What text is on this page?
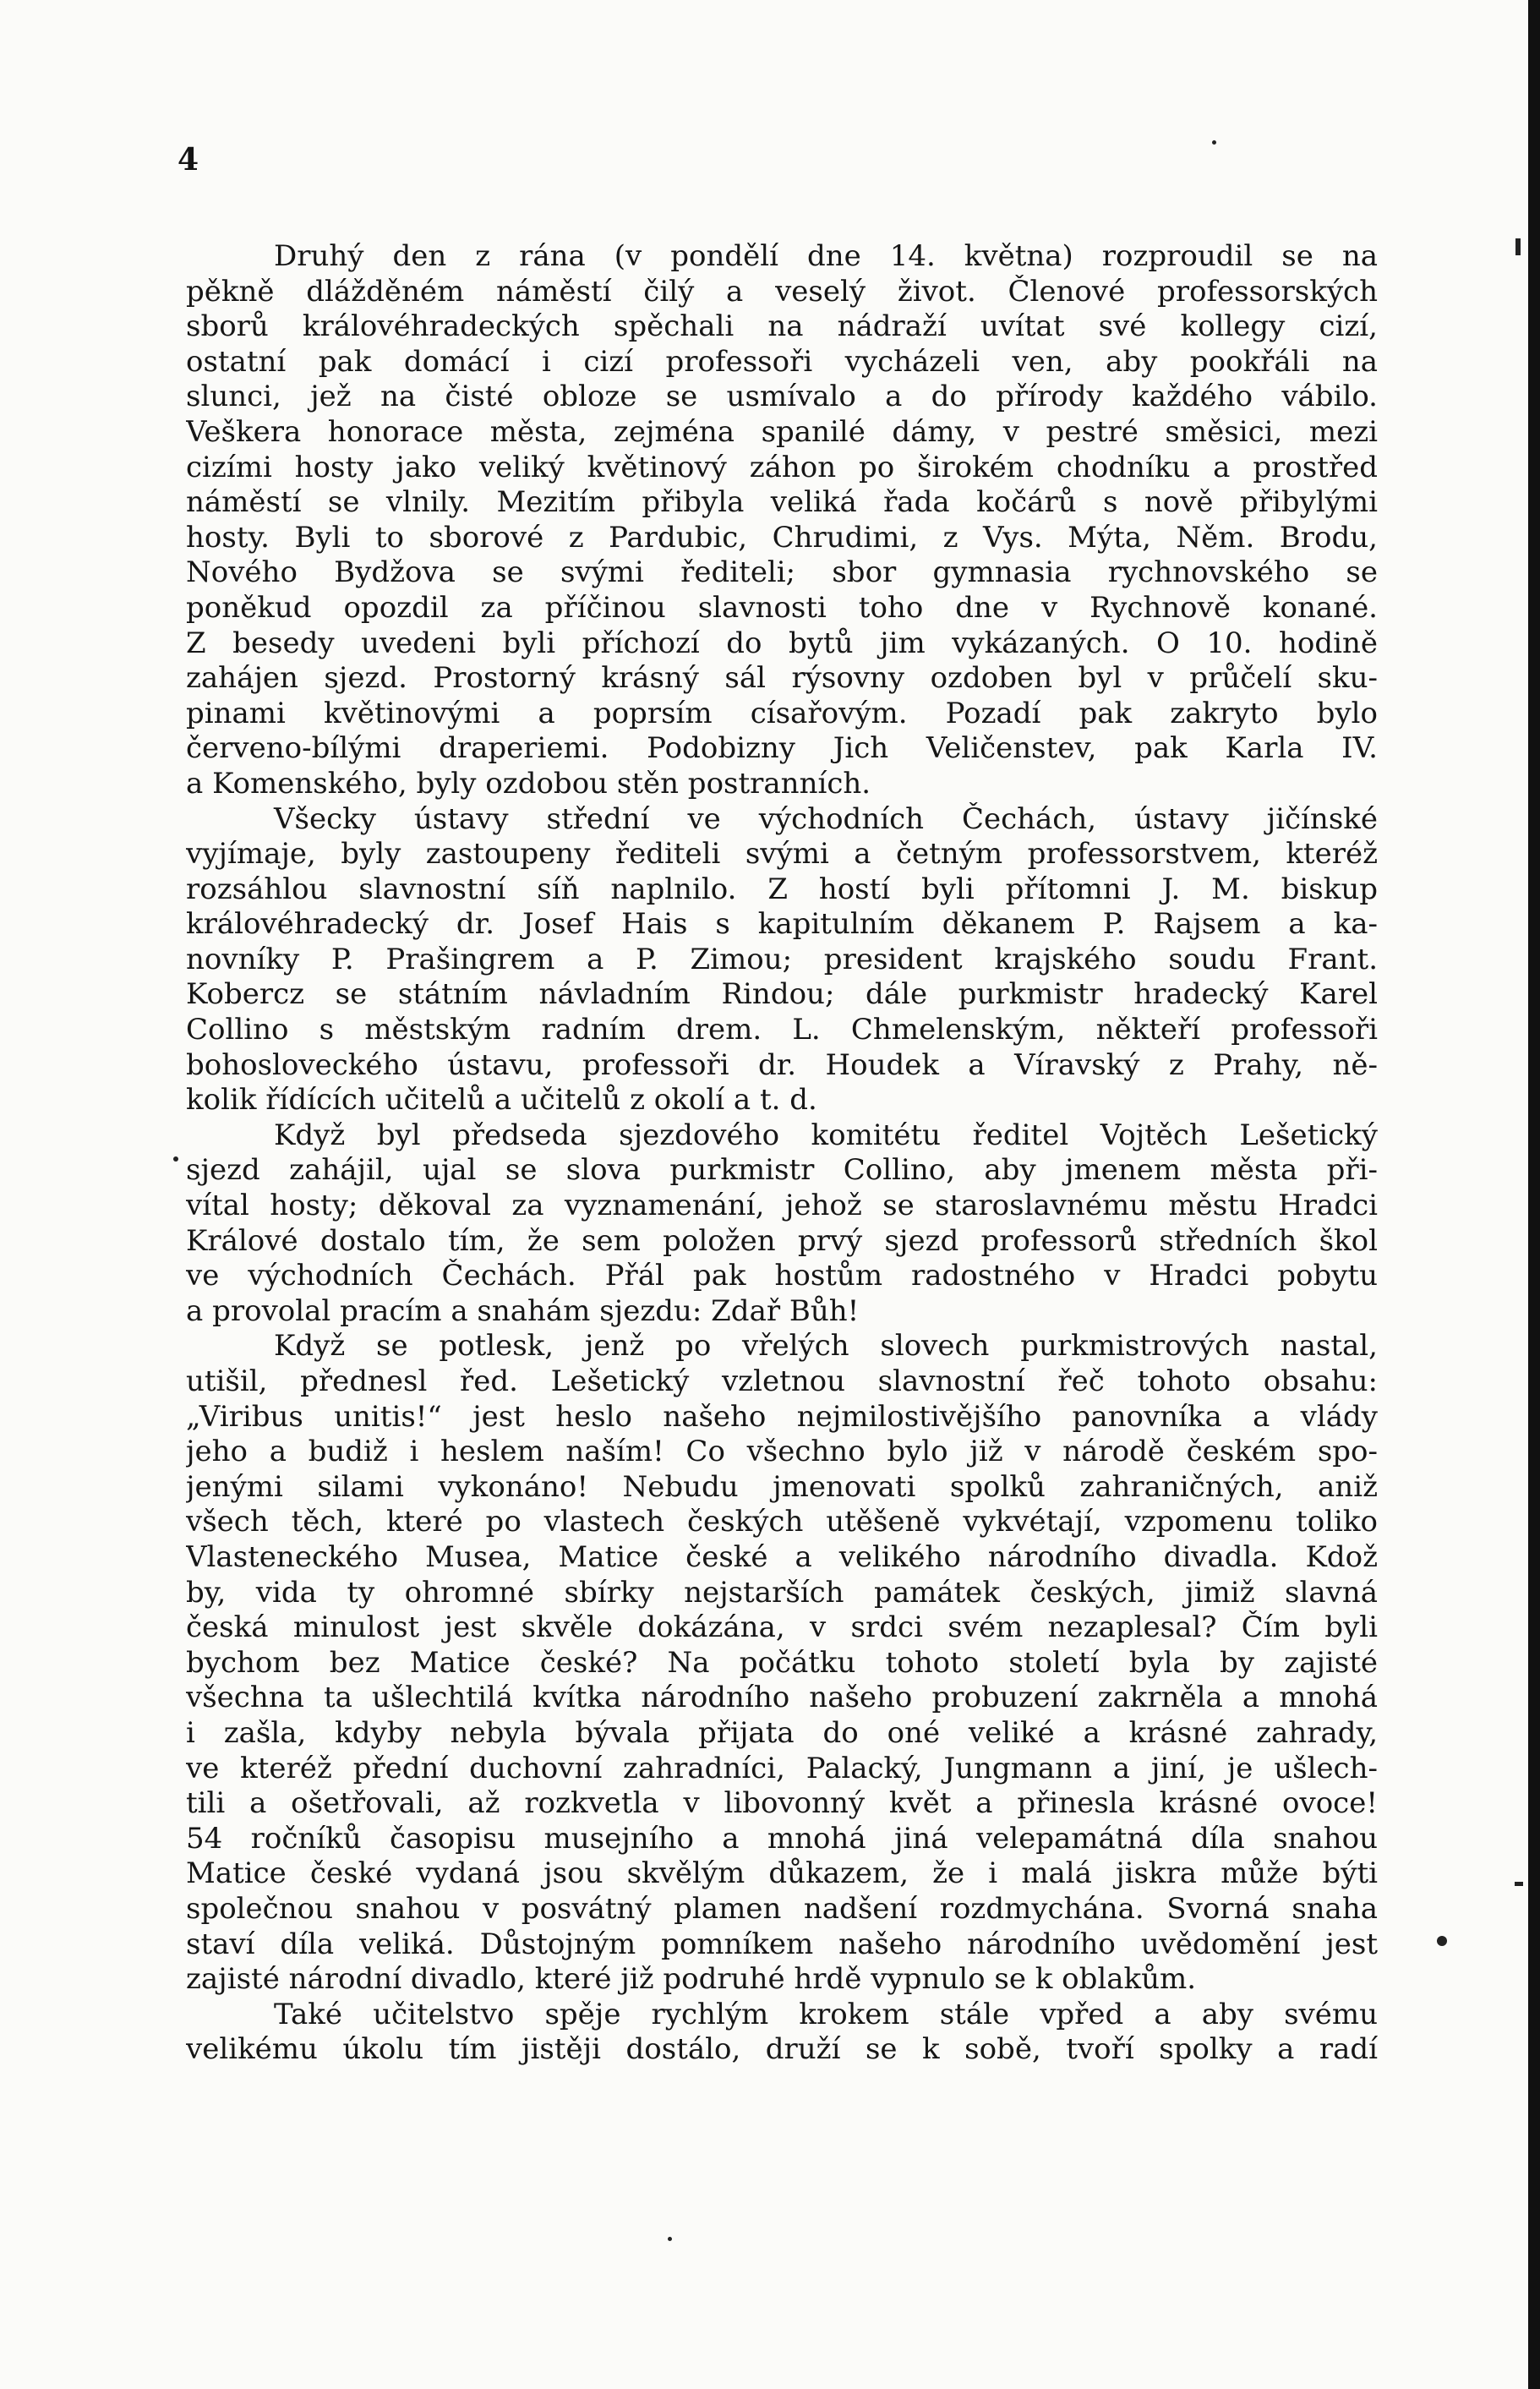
4
Druhý den z rána (v pondělí dne 14. května) rozproudil se na
pěkně dlážděném náměstí čilý a veselý život. Členové professorských
sborů královéhradeckých spěchali na nádraží uvítat své kollegy cizí,
ostatní pak domácí i cizí professoři vycházeli ven, aby pookřáli na
slunci, jež na čisté obloze se usmívalo a do přírody každého vábilo.
Veškera honorace města, zejména spanilé dámy, v pestré směsici, mezi
cizími hosty jako veliký květinový záhon po širokém chodníku a prostřed
náměstí se vlnily. Mezitím přibyla veliká řada kočárů s nově přibylými
hosty. Byli to sborové z Pardubic, Chrudimi, z Vys. Mýta, Něm. Brodu,
Nového Bydžova se svými řediteli; sbor gymnasia rychnovského se
poněkud opozdil za příčinou slavnosti toho dne v Rychnově konané.
Z besedy uvedeni byli příchozí do bytů jim vykázaných. O 10. hodině
zahájen sjezd. Prostorný krásný sál rýsovny ozdoben byl v průčelí sku-
pinami květinovými a poprsím císařovým. Pozadí pak zakryto bylo
červeno-bílými draperiemi. Podobizny Jich Veličenstev, pak Karla IV.
a Komenského, byly ozdobou stěn postranních.
Všecky ústavy střední ve východních Čechách, ústavy jičínské
vyjímaje, byly zastoupeny řediteli svými a četným professorstvem, kteréž
rozsáhlou slavnostní síň naplnilo. Z hostí byli přítomni J. M. biskup
královéhradecký dr. Josef Hais s kapitulním děkanem P. Rajsem a ka-
novníky P. Prašingrem a P. Zimou; president krajského soudu Frant.
Kobercz se státním návladním Rindou; dále purkmistr hradecký Karel
Collino s městským radním drem. L. Chmelenským, někteří professoři
bohosloveckého ústavu, professoři dr. Houdek a Víravský z Prahy, ně-
kolik řídících učitelů a učitelů z okolí a t. d.
Když byl předseda sjezdového komitétu ředitel Vojtěch Lešetický
sjezd zahájil, ujal se slova purkmistr Collino, aby jmenem města při-
vítal hosty; děkoval za vyznamenání, jehož se staroslavnému městu Hradci
Králové dostalo tím, že sem položen prvý sjezd professorů středních škol
ve východních Čechách. Přál pak hostům radostného v Hradci pobytu
a provolal pracím a snahám sjezdu: Zdař Bůh!
Když se potlesk, jenž po vřelých slovech purkmistrových nastal,
utišil, přednesl řed. Lešetický vzletnou slavnostní řeč tohoto obsahu:
„Viribus unitis!“ jest heslo našeho nejmilostivějšího panovníka a vlády
jeho a budiž i heslem naším! Co všechno bylo již v národě českém spo-
jenými silami vykonáno! Nebudu jmenovati spolků zahraničných, aniž
všech těch, které po vlastech českých utěšeně vykvétají, vzpomenu toliko
Vlasteneckého Musea, Matice české a velikého národního divadla. Kdož
by, vida ty ohromné sbírky nejstarších památek českých, jimiž slavná
česká minulost jest skvěle dokázána, v srdci svém nezaplesal? Čím byli
bychom bez Matice české? Na počátku tohoto století byla by zajisté
všechna ta ušlechtilá kvítka národního našeho probuzení zakrněla a mnohá
i zašla, kdyby nebyla bývala přijata do oné veliké a krásné zahrady,
ve kteréž přední duchovní zahradníci, Palacký, Jungmann a jiní, je ušlech-
tili a ošetřovali, až rozkvetla v libovonný květ a přinesla krásné ovoce!
54 ročníků časopisu musejního a mnohá jiná velepamátná díla snahou
Matice české vydaná jsou skvělým důkazem, že i malá jiskra může býti
společnou snahou v posvátný plamen nadšení rozdmychána. Svorná snaha
staví díla veliká. Důstojným pomníkem našeho národního uvědomění jest
zajisté národní divadlo, které již podruhé hrdě vypnulo se k oblakům.
Také učitelstvo spěje rychlým krokem stále vpřed a aby svému
velikému úkolu tím jistěji dostálo, druží se k sobě, tvoří spolky a radí
